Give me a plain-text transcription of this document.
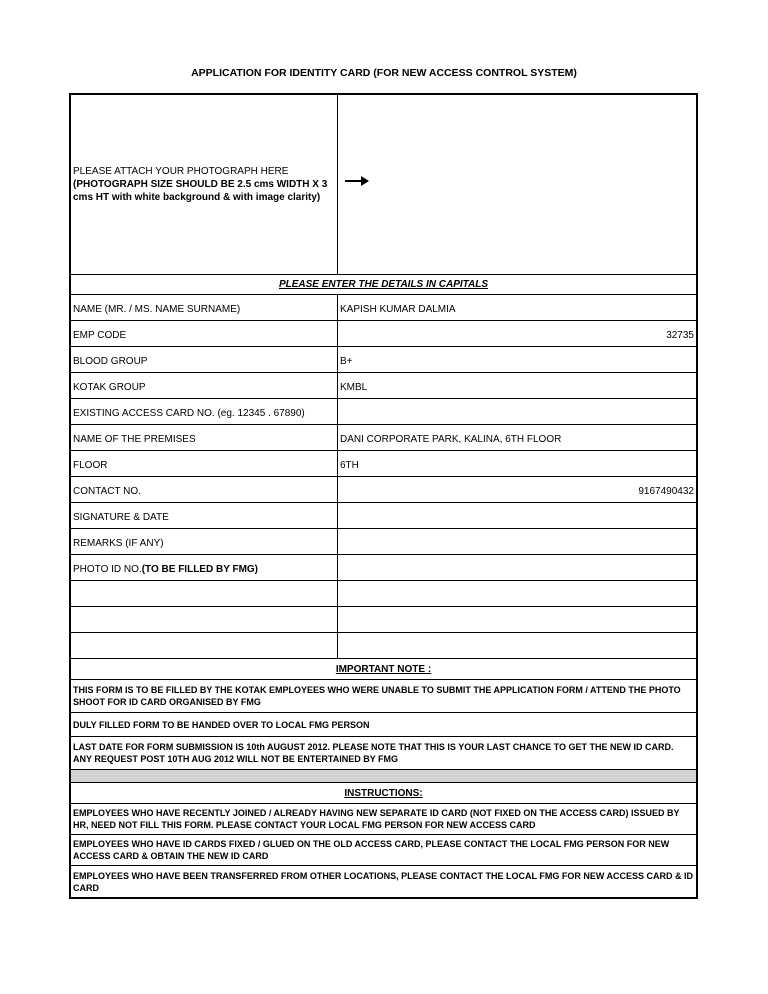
APPLICATION FOR IDENTITY CARD (FOR NEW ACCESS CONTROL SYSTEM)
PLEASE ATTACH YOUR PHOTOGRAPH HERE
(PHOTOGRAPH SIZE SHOULD BE 2.5 cms WIDTH X 3 cms HT with white background & with image clarity)
PLEASE ENTER THE DETAILS IN CAPITALS
NAME (MR. / MS. NAME SURNAME)	KAPISH KUMAR DALMIA
EMP CODE	32735
BLOOD GROUP	B+
KOTAK GROUP	KMBL
EXISTING ACCESS CARD NO. (eg. 12345 . 67890)
NAME OF THE PREMISES	DANI CORPORATE PARK, KALINA, 6TH FLOOR
FLOOR	6TH
CONTACT NO.	9167490432
SIGNATURE & DATE
REMARKS (IF ANY)
PHOTO ID NO. (TO BE FILLED BY FMG)
IMPORTANT NOTE :
THIS FORM IS TO BE FILLED BY THE KOTAK EMPLOYEES WHO WERE UNABLE TO SUBMIT THE APPLICATION FORM / ATTEND THE PHOTO SHOOT FOR ID CARD ORGANISED BY FMG
DULY FILLED FORM TO BE HANDED OVER TO LOCAL FMG PERSON
LAST DATE FOR FORM SUBMISSION IS 10th AUGUST 2012. PLEASE NOTE THAT THIS IS YOUR LAST CHANCE TO GET THE NEW ID CARD. ANY REQUEST POST 10TH AUG 2012 WILL NOT BE ENTERTAINED BY FMG
INSTRUCTIONS:
EMPLOYEES WHO HAVE RECENTLY JOINED / ALREADY HAVING NEW SEPARATE ID CARD (NOT FIXED ON THE ACCESS CARD) ISSUED BY HR, NEED NOT FILL THIS FORM. PLEASE CONTACT YOUR LOCAL FMG PERSON FOR NEW ACCESS CARD
EMPLOYEES WHO HAVE ID CARDS FIXED / GLUED ON THE OLD ACCESS CARD, PLEASE CONTACT THE LOCAL FMG PERSON FOR NEW ACCESS CARD & OBTAIN THE NEW ID CARD
EMPLOYEES WHO HAVE BEEN TRANSFERRED FROM OTHER LOCATIONS, PLEASE CONTACT THE LOCAL FMG FOR NEW ACCESS CARD & ID CARD
